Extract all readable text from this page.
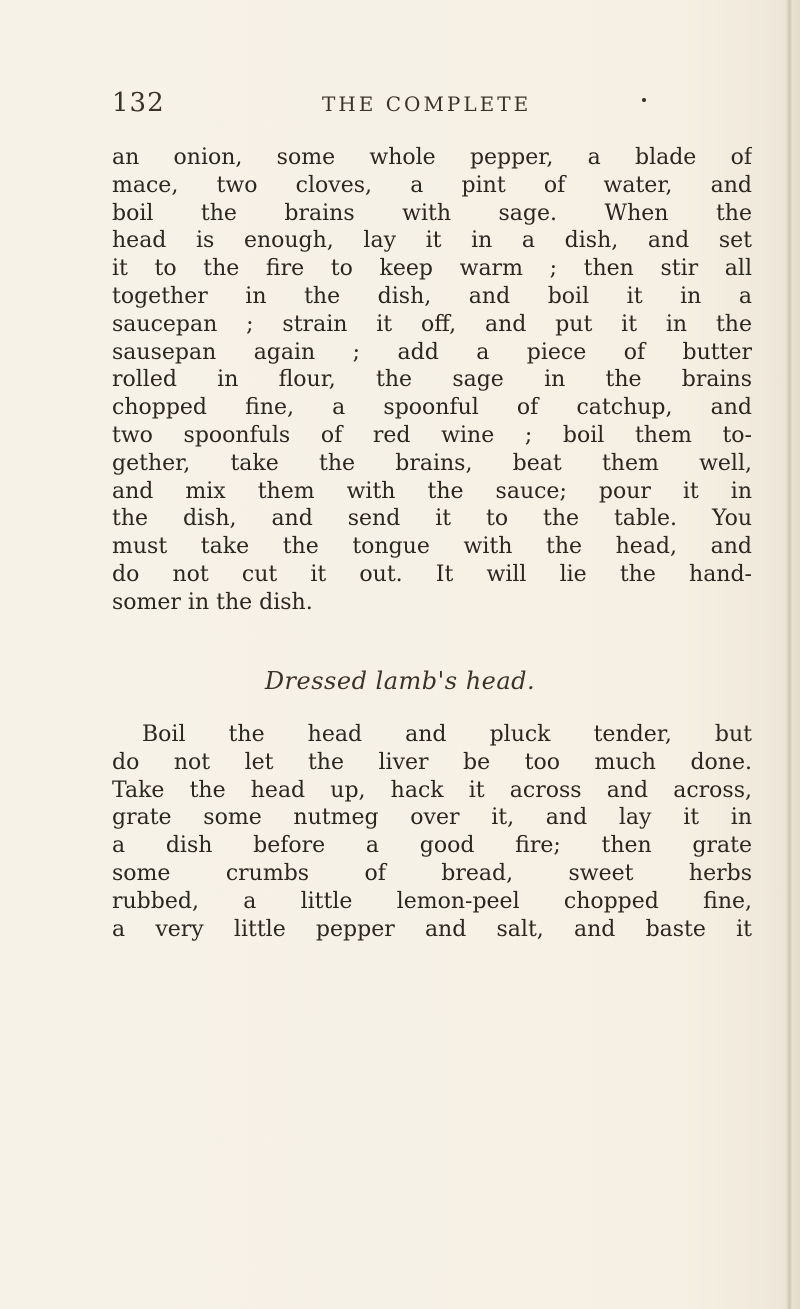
132	THE COMPLETE
an onion, some whole pepper, a blade of
mace, two cloves, a pint of water, and
boil the brains with sage. When the
head is enough, lay it in a dish, and set
it to the fire to keep warm ; then stir all
together in the dish, and boil it in a
saucepan ; strain it off, and put it in the
sausepan again ; add a piece of butter
rolled in flour, the sage in the brains
chopped fine, a spoonful of catchup, and
two spoonfuls of red wine ; boil them to-
gether, take the brains, beat them well,
and mix them with the sauce; pour it in
the dish, and send it to the table. You
must take the tongue with the head, and
do not cut it out. It will lie the hand-
somer in the dish.
Dressed lamb's head.
Boil the head and pluck tender, but
do not let the liver be too much done.
Take the head up, hack it across and across,
grate some nutmeg over it, and lay it in
a dish before a good fire; then grate
some crumbs of bread, sweet herbs
rubbed, a little lemon-peel chopped fine,
a very little pepper and salt, and baste it
